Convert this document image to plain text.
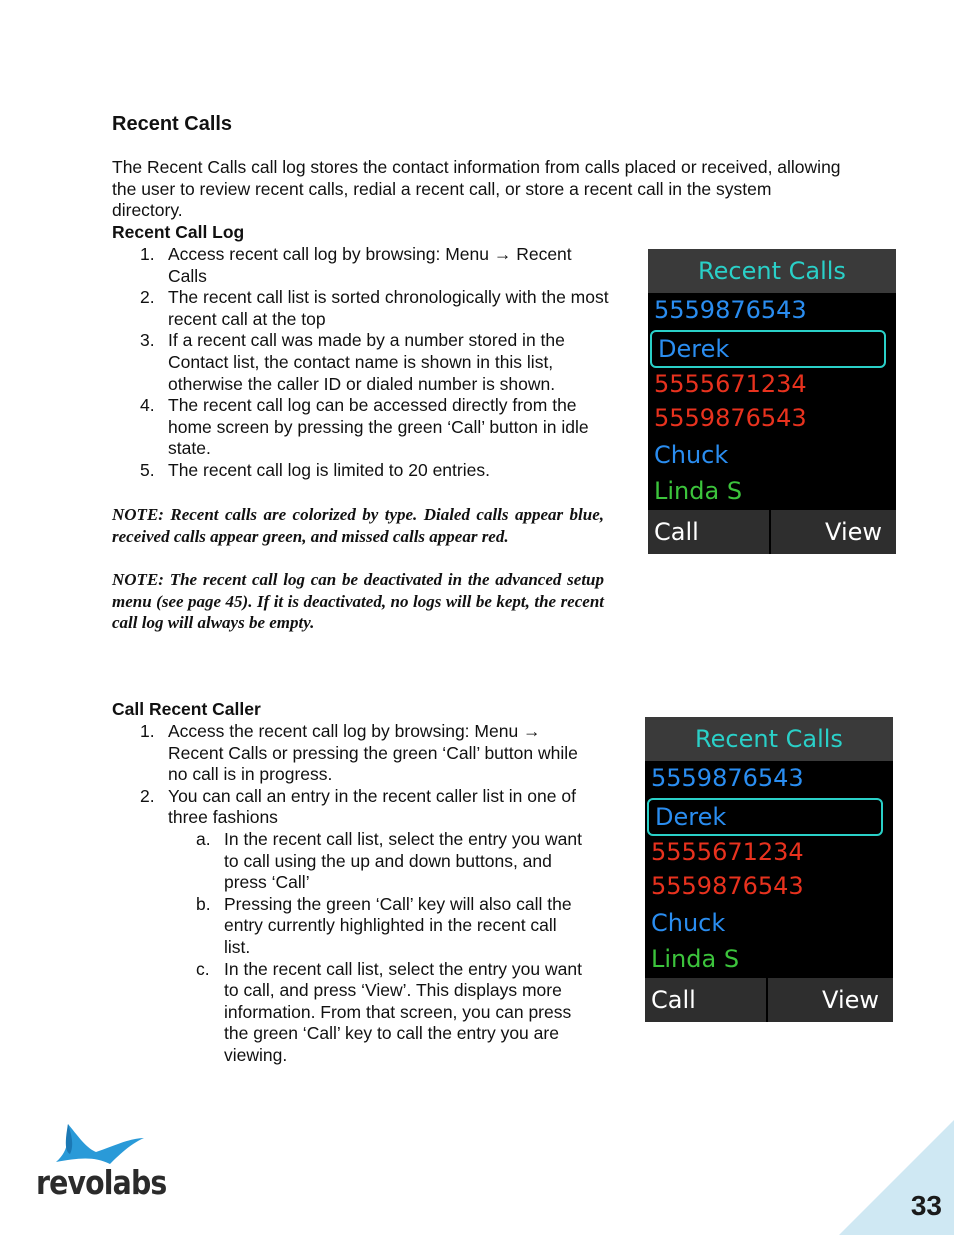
Recent Calls

The Recent Calls call log stores the contact information from calls placed or received, allowing the user to review recent calls, redial a recent call, or store a recent call in the system directory.

Recent Call Log

1. Access recent call log by browsing: Menu → Recent Calls
2. The recent call list is sorted chronologically with the most recent call at the top
3. If a recent call was made by a number stored in the Contact list, the contact name is shown in this list, otherwise the caller ID or dialed number is shown.
4. The recent call log can be accessed directly from the home screen by pressing the green ‘Call’ button in idle state.
5. The recent call log is limited to 20 entries.

NOTE: Recent calls are colorized by type. Dialed calls appear blue, received calls appear green, and missed calls appear red.

NOTE: The recent call log can be deactivated in the advanced setup menu (see page 45). If it is deactivated, no logs will be kept, the recent call log will always be empty.

Recent Calls
5559876543
Derek
5555671234
5559876543
Chuck
Linda S
Call	View

Call Recent Caller

1. Access the recent call log by browsing: Menu → Recent Calls or pressing the green ‘Call’ button while no call is in progress.
2. You can call an entry in the recent caller list in one of three fashions
a. In the recent call list, select the entry you want to call using the up and down buttons, and press ‘Call’
b. Pressing the green ‘Call’ key will also call the entry currently highlighted in the recent call list.
c. In the recent call list, select the entry you want to call, and press ‘View’. This displays more information. From that screen, you can press the green ‘Call’ key to call the entry you are viewing.
Recent Calls
5559876543
Derek
5555671234
5559876543
Chuck
Linda S
Call	View
revolabs
33
